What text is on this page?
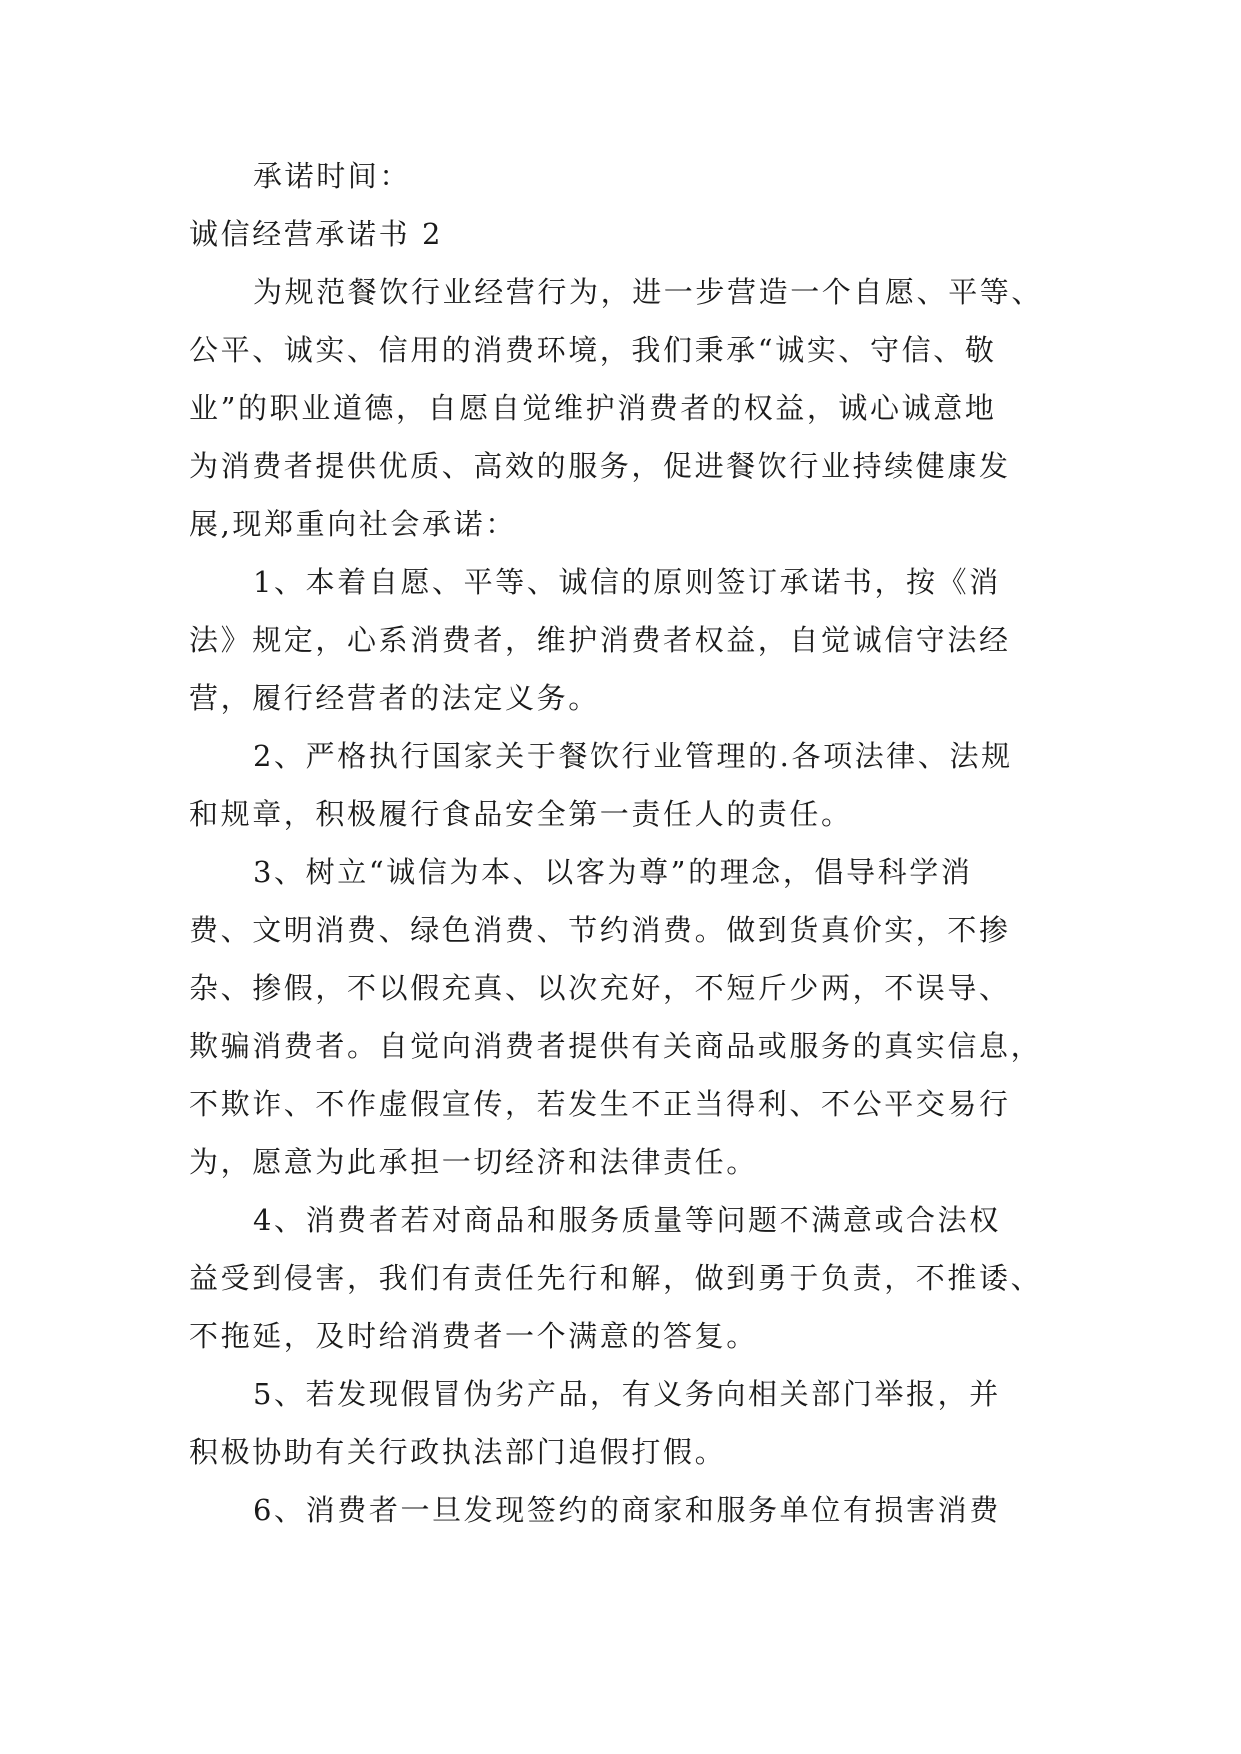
承诺时间：
诚信经营承诺书 2
为规范餐饮行业经营行为，进一步营造一个自愿、平等、
公平、诚实、信用的消费环境，我们秉承“诚实、守信、敬
业”的职业道德，自愿自觉维护消费者的权益，诚心诚意地
为消费者提供优质、高效的服务，促进餐饮行业持续健康发
展,现郑重向社会承诺：
1、本着自愿、平等、诚信的原则签订承诺书，按《消
法》规定，心系消费者，维护消费者权益，自觉诚信守法经
营，履行经营者的法定义务。
2、严格执行国家关于餐饮行业管理的.各项法律、法规
和规章，积极履行食品安全第一责任人的责任。
3、树立“诚信为本、以客为尊”的理念，倡导科学消
费、文明消费、绿色消费、节约消费。做到货真价实，不掺
杂、掺假，不以假充真、以次充好，不短斤少两，不误导、
欺骗消费者。自觉向消费者提供有关商品或服务的真实信息，
不欺诈、不作虚假宣传，若发生不正当得利、不公平交易行
为，愿意为此承担一切经济和法律责任。
4、消费者若对商品和服务质量等问题不满意或合法权
益受到侵害，我们有责任先行和解，做到勇于负责，不推诿、
不拖延，及时给消费者一个满意的答复。
5、若发现假冒伪劣产品，有义务向相关部门举报，并
积极协助有关行政执法部门追假打假。
6、消费者一旦发现签约的商家和服务单位有损害消费
